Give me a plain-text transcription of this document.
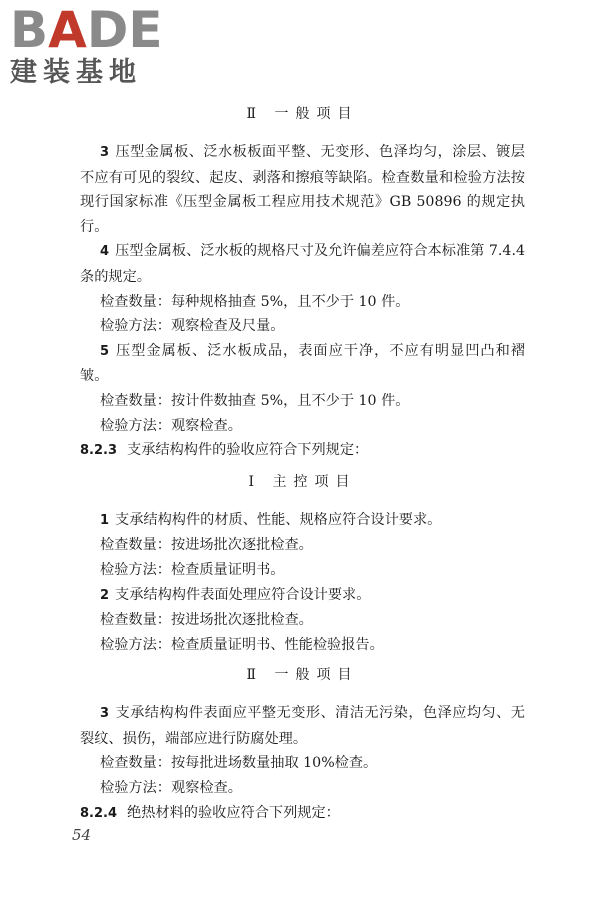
B A DE
建装基地

Ⅱ 一般项目

3 压型金属板、泛水板板面平整、无变形、色泽均匀，涂层、镀层不应有可见的裂纹、起皮、剥落和擦痕等缺陷。检查数量和检验方法按现行国家标准《压型金属板工程应用技术规范》GB 50896 的规定执行。

4 压型金属板、泛水板的规格尺寸及允许偏差应符合本标准第 7.4.4 条的规定。

检查数量：每种规格抽查 5%，且不少于 10 件。

检验方法：观察检查及尺量。

5 压型金属板、泛水板成品，表面应干净，不应有明显凹凸和褶皱。

检查数量：按计件数抽查 5%，且不少于 10 件。

检验方法：观察检查。

8.2.3 支承结构构件的验收应符合下列规定：

Ⅰ 主控项目

1 支承结构构件的材质、性能、规格应符合设计要求。

检查数量：按进场批次逐批检查。

检验方法：检查质量证明书。

2 支承结构构件表面处理应符合设计要求。

检查数量：按进场批次逐批检查。

检验方法：检查质量证明书、性能检验报告。

Ⅱ 一般项目

3 支承结构构件表面应平整无变形、清洁无污染，色泽应均匀、无裂纹、损伤，端部应进行防腐处理。

检查数量：按每批进场数量抽取 10%检查。

检验方法：观察检查。

8.2.4 绝热材料的验收应符合下列规定：

54
